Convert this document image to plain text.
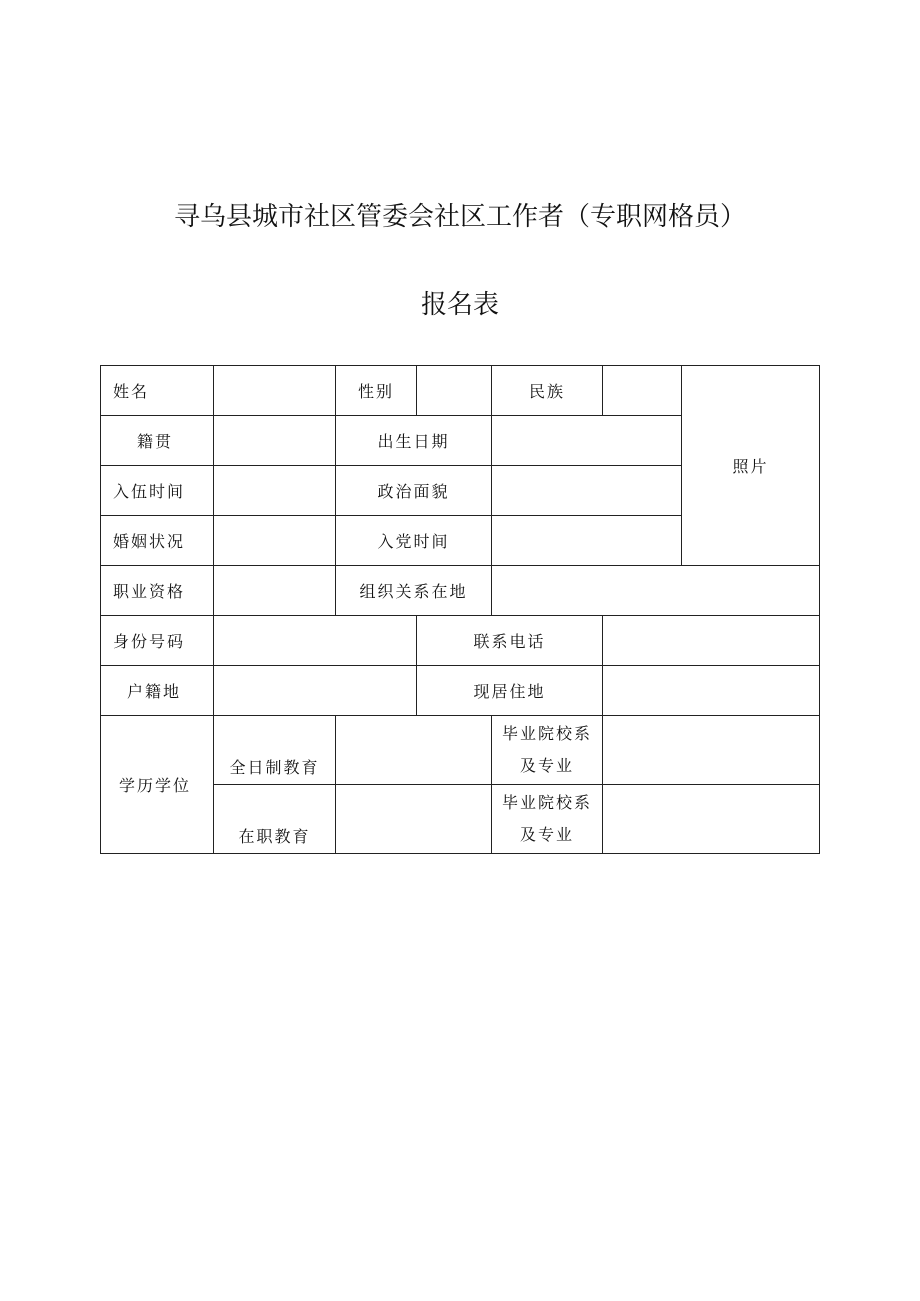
寻乌县城市社区管委会社区工作者（专职网格员）
报名表
姓名		性别		民族		照片
籍贯		出生日期				
入伍时间		政治面貌				
婚姻状况		入党时间				
职业资格		组织关系在地				
身份号码			联系电话			
户籍地			现居住地			
学历学位	全日制教育			毕业院校系
及专业		

	在职教育			毕业院校系
及专业		
